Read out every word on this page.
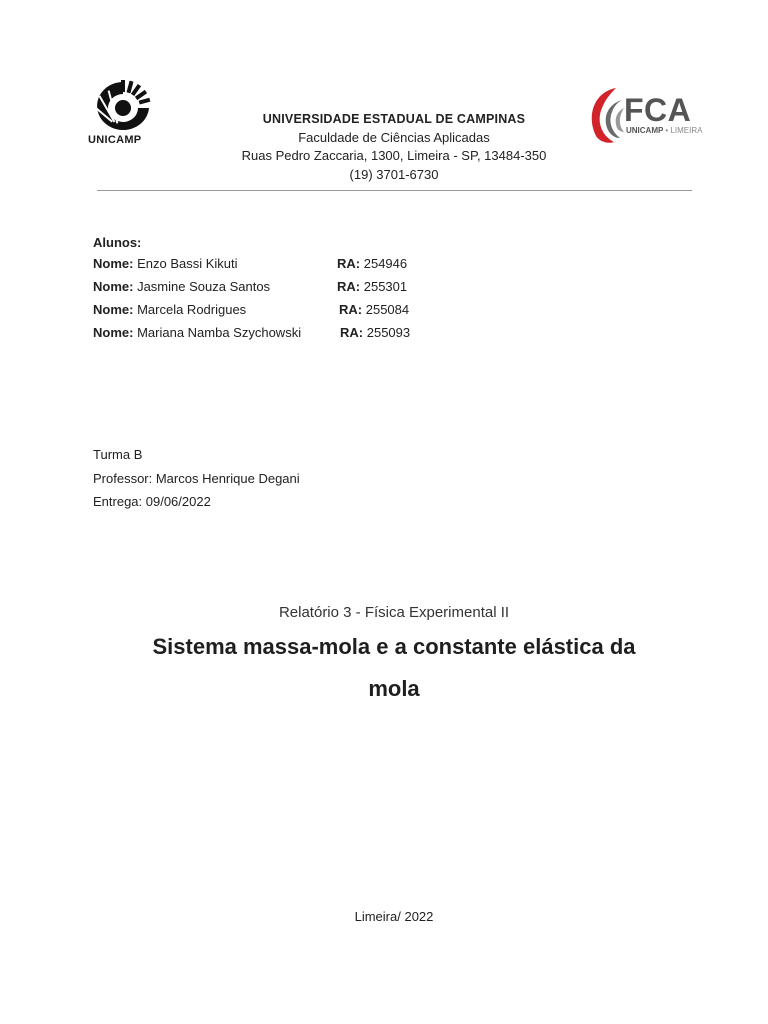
UNICAMP
UNIVERSIDADE ESTADUAL DE CAMPINAS
Faculdade de Ciências Aplicadas
Ruas Pedro Zaccaria, 1300, Limeira - SP, 13484-350
(19) 3701-6730
FCA
UNICAMP • LIMEIRA
Alunos:
Nome: Enzo Bassi Kikuti	RA: 254946
Nome: Jasmine Souza Santos	RA: 255301
Nome: Marcela Rodrigues	RA: 255084
Nome: Mariana Namba Szychowski	RA: 255093
Turma B
Professor: Marcos Henrique Degani
Entrega: 09/06/2022
Relatório 3 - Física Experimental II
Sistema massa-mola e a constante elástica da
mola
Limeira/ 2022
